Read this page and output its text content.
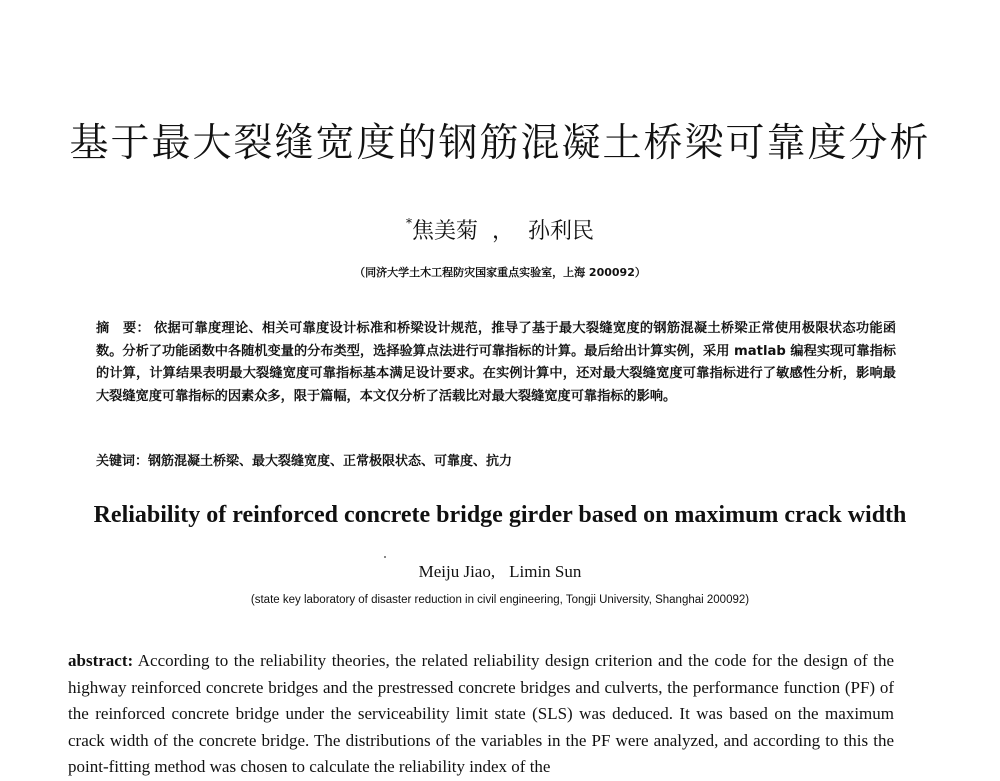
基于最大裂缝宽度的钢筋混凝土桥梁可靠度分析
*焦美菊 ， 孙利民
（同济大学土木工程防灾国家重点实验室，上海 200092）
摘　要： 依据可靠度理论、相关可靠度设计标准和桥梁设计规范，推导了基于最大裂缝宽度的钢筋混凝土桥梁正常使用极限状态功能函数。分析了功能函数中各随机变量的分布类型，选择验算点法进行可靠指标的计算。最后给出计算实例，采用 matlab 编程实现可靠指标的计算，计算结果表明最大裂缝宽度可靠指标基本满足设计要求。在实例计算中，还对最大裂缝宽度可靠指标进行了敏感性分析，影响最大裂缝宽度可靠指标的因素众多，限于篇幅，本文仅分析了活载比对最大裂缝宽度可靠指标的影响。
关键词：钢筋混凝土桥梁、最大裂缝宽度、正常极限状态、可靠度、抗力
Reliability of reinforced concrete bridge girder based on maximum crack width
Meiju Jiao, Limin Sun
(state key laboratory of disaster reduction in civil engineering, Tongji University, Shanghai 200092)
abstract: According to the reliability theories, the related reliability design criterion and the code for the design of the highway reinforced concrete bridges and the prestressed concrete bridges and culverts, the performance function (PF) of the reinforced concrete bridge under the serviceability limit state (SLS) was deduced. It was based on the maximum crack width of the concrete bridge. The distributions of the variables in the PF were analyzed, and according to this the point-fitting method was chosen to calculate the reliability index of the
